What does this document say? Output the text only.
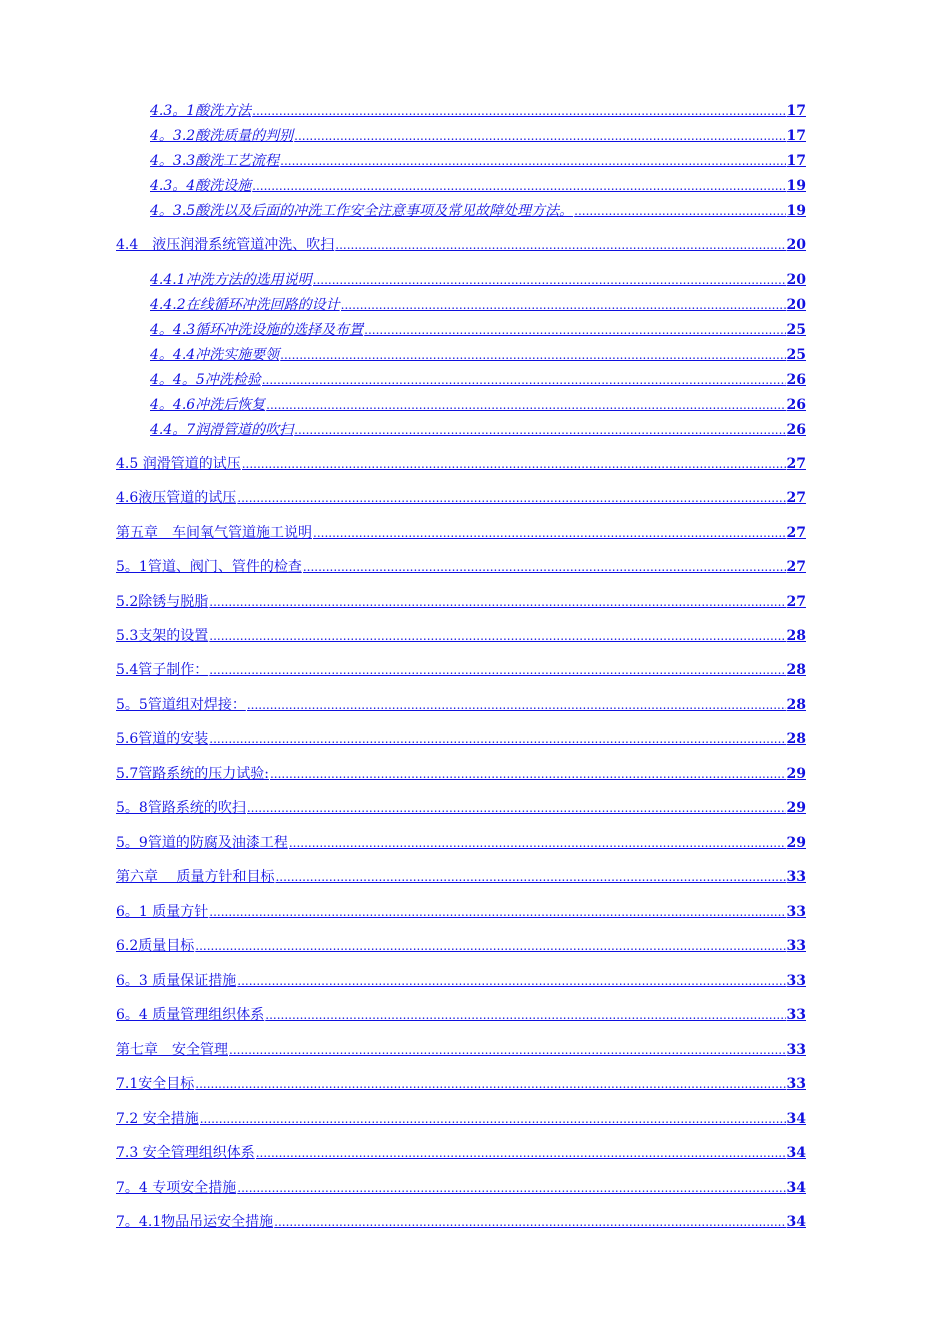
4.3。1酸洗方法 .....	17
4。3.2酸洗质量的判别 .....	17
4。3.3酸洗工艺流程 .....	17
4.3。4酸洗设施 .....	19
4。3.5酸洗以及后面的冲洗工作安全注意事项及常见故障处理方法。 .....	19
4.4　液压润滑系统管道冲洗、吹扫 .....	20
4.4.1冲洗方法的选用说明 .....	20
4.4.2在线循环冲洗回路的设计 .....	20
4。4.3循环冲洗设施的选择及布置 .....	25
4。4.4冲洗实施要领 .....	25
4。4。5冲洗检验 .....	26
4。4.6冲洗后恢复 .....	26
4.4。7润滑管道的吹扫 .....	26
4.5 润滑管道的试压 .....	27
4.6液压管道的试压 .....	27
第五章　车间氧气管道施工说明 .....	27
5。1管道、阀门、管件的检查 .....	27
5.2除锈与脱脂 .....	27
5.3支架的设置 .....	28
5.4管子制作： .....	28
5。5管道组对焊接： .....	28
5.6管道的安装 .....	28
5.7管路系统的压力试验: .....	29
5。8管路系统的吹扫 .....	29
5。9管道的防腐及油漆工程 .....	29
第六章　 质量方针和目标 .....	33
6。1 质量方针 .....	33
6.2质量目标 .....	33
6。3 质量保证措施 .....	33
6。4 质量管理组织体系 .....	33
第七章　安全管理 .....	33
7.1安全目标 .....	33
7.2 安全措施 .....	34
7.3 安全管理组织体系 .....	34
7。4 专项安全措施 .....	34
7。4.1物品吊运安全措施 .....	34
